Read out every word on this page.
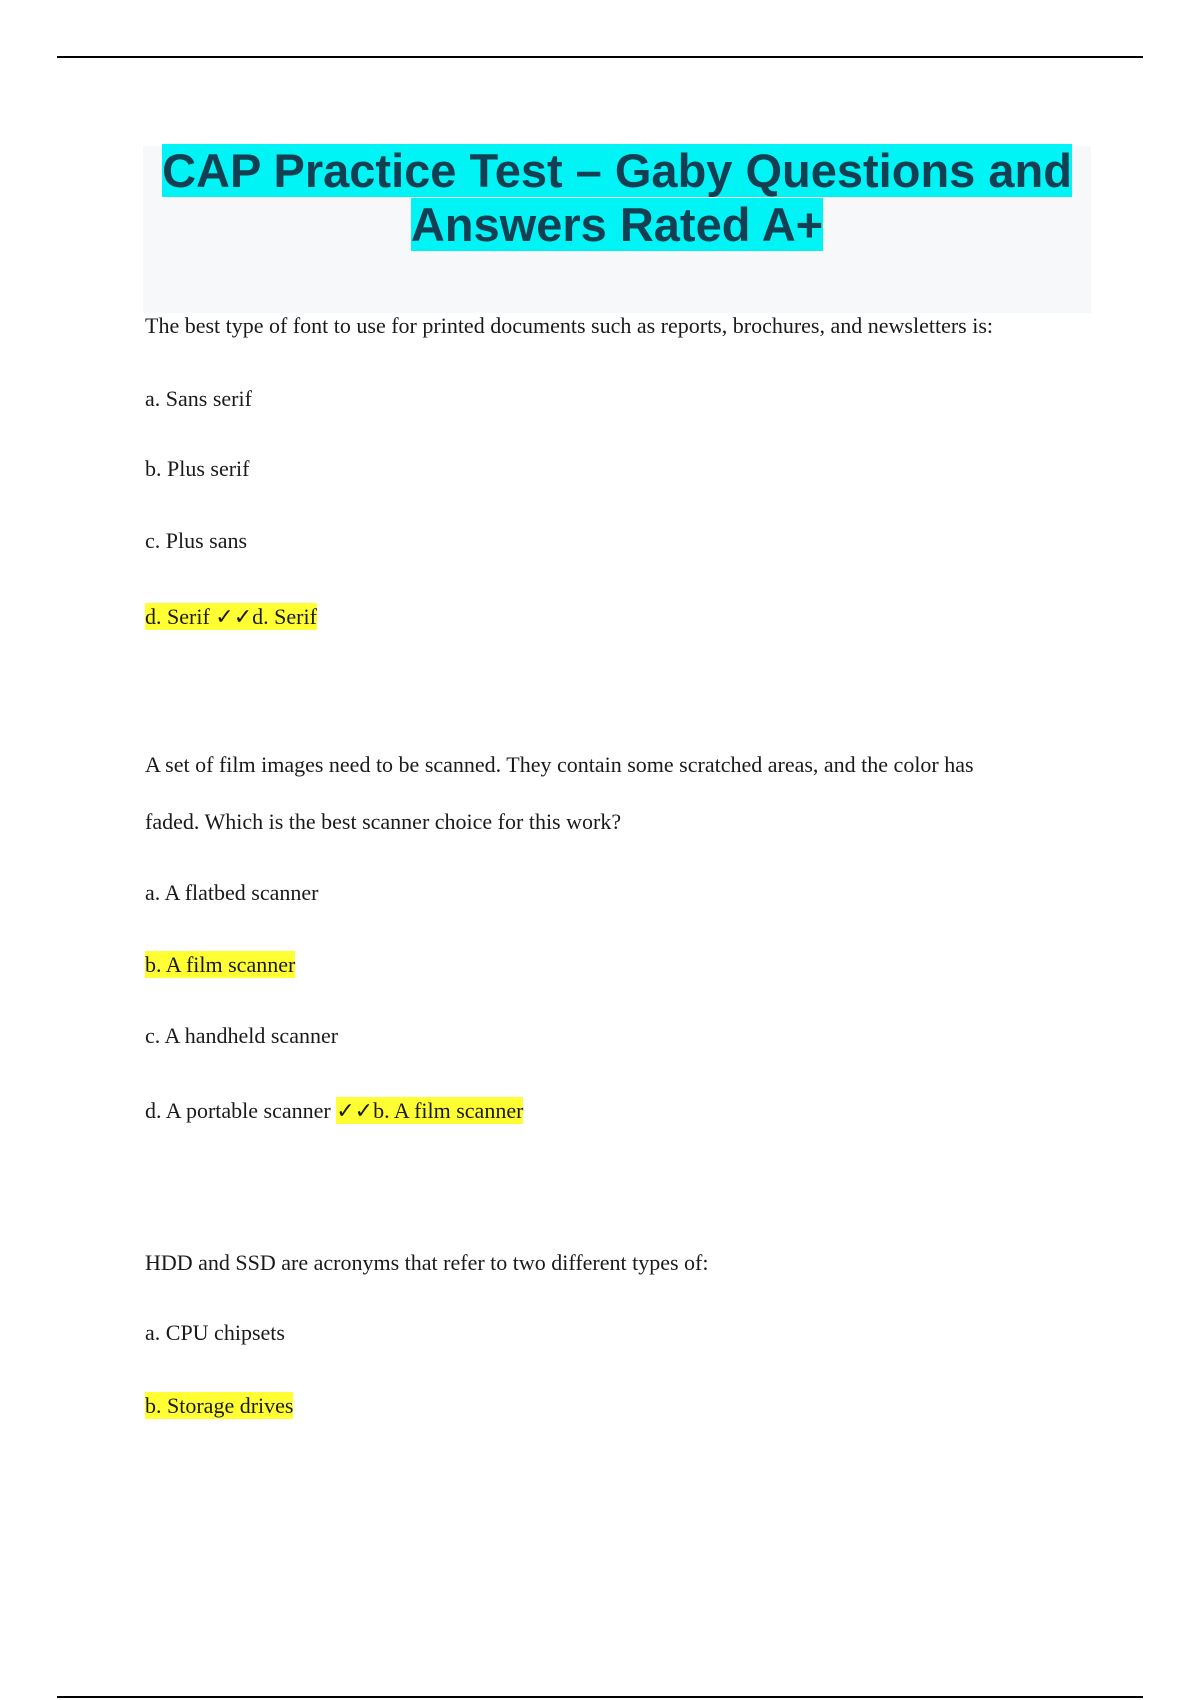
CAP Practice Test – Gaby Questions and Answers Rated A+

The best type of font to use for printed documents such as reports, brochures, and newsletters is:

a. Sans serif

b. Plus serif

c. Plus sans

d. Serif ✓✓d. Serif

A set of film images need to be scanned. They contain some scratched areas, and the color has

faded. Which is the best scanner choice for this work?

a. A flatbed scanner

b. A film scanner

c. A handheld scanner

d. A portable scanner ✓✓b. A film scanner

HDD and SSD are acronyms that refer to two different types of:

a. CPU chipsets

b. Storage drives
